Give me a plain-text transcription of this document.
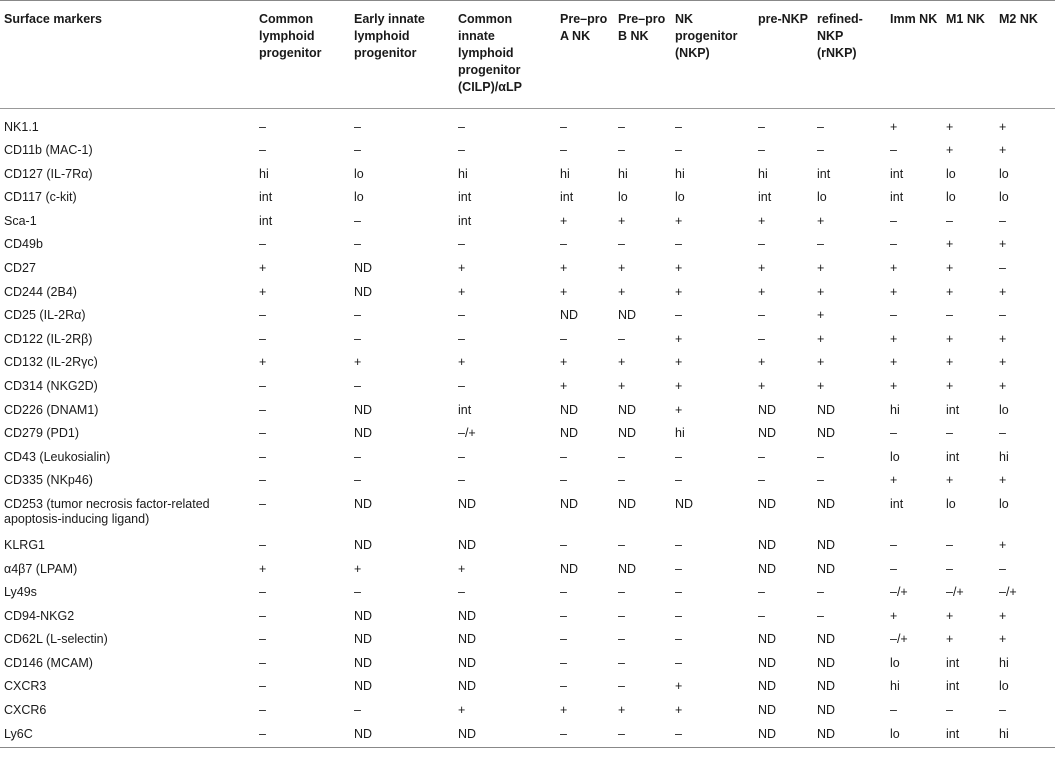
Surface markers	Common lymphoid progenitor	Early innate lymphoid progenitor	Common innate lymphoid progenitor (CILP)/αLP	Pre–pro A NK	Pre–pro B NK	NK progenitor (NKP)	pre-NKP	refined-NKP (rNKP)	Imm NK	M1 NK	M2 NK
NK1.1	–	–	–	–	–	–	–	–	+	+	+
CD11b (MAC-1)	–	–	–	–	–	–	–	–	–	+	+
CD127 (IL-7Rα)	hi	lo	hi	hi	hi	hi	hi	int	int	lo	lo
CD117 (c-kit)	int	lo	int	int	lo	lo	int	lo	int	lo	lo
Sca-1	int	–	int	+	+	+	+	+	–	–	–
CD49b	–	–	–	–	–	–	–	–	–	+	+
CD27	+	ND	+	+	+	+	+	+	+	+	–
CD244 (2B4)	+	ND	+	+	+	+	+	+	+	+	+
CD25 (IL-2Rα)	–	–	–	ND	ND	–	–	+	–	–	–
CD122 (IL-2Rβ)	–	–	–	–	–	+	–	+	+	+	+
CD132 (IL-2Rγc)	+	+	+	+	+	+	+	+	+	+	+
CD314 (NKG2D)	–	–	–	+	+	+	+	+	+	+	+
CD226 (DNAM1)	–	ND	int	ND	ND	+	ND	ND	hi	int	lo
CD279 (PD1)	–	ND	–/+	ND	ND	hi	ND	ND	–	–	–
CD43 (Leukosialin)	–	–	–	–	–	–	–	–	lo	int	hi
CD335 (NKp46)	–	–	–	–	–	–	–	–	+	+	+
CD253 (tumor necrosis factor-related apoptosis-inducing ligand)	–	ND	ND	ND	ND	ND	ND	ND	int	lo	lo
KLRG1	–	ND	ND	–	–	–	ND	ND	–	–	+
α4β7 (LPAM)	+	+	+	ND	ND	–	ND	ND	–	–	–
Ly49s	–	–	–	–	–	–	–	–	–/+	–/+	–/+
CD94-NKG2	–	ND	ND	–	–	–	–	–	+	+	+
CD62L (L-selectin)	–	ND	ND	–	–	–	ND	ND	–/+	+	+
CD146 (MCAM)	–	ND	ND	–	–	–	ND	ND	lo	int	hi
CXCR3	–	ND	ND	–	–	+	ND	ND	hi	int	lo
CXCR6	–	–	+	+	+	+	ND	ND	–	–	–
Ly6C	–	ND	ND	–	–	–	ND	ND	lo	int	hi
